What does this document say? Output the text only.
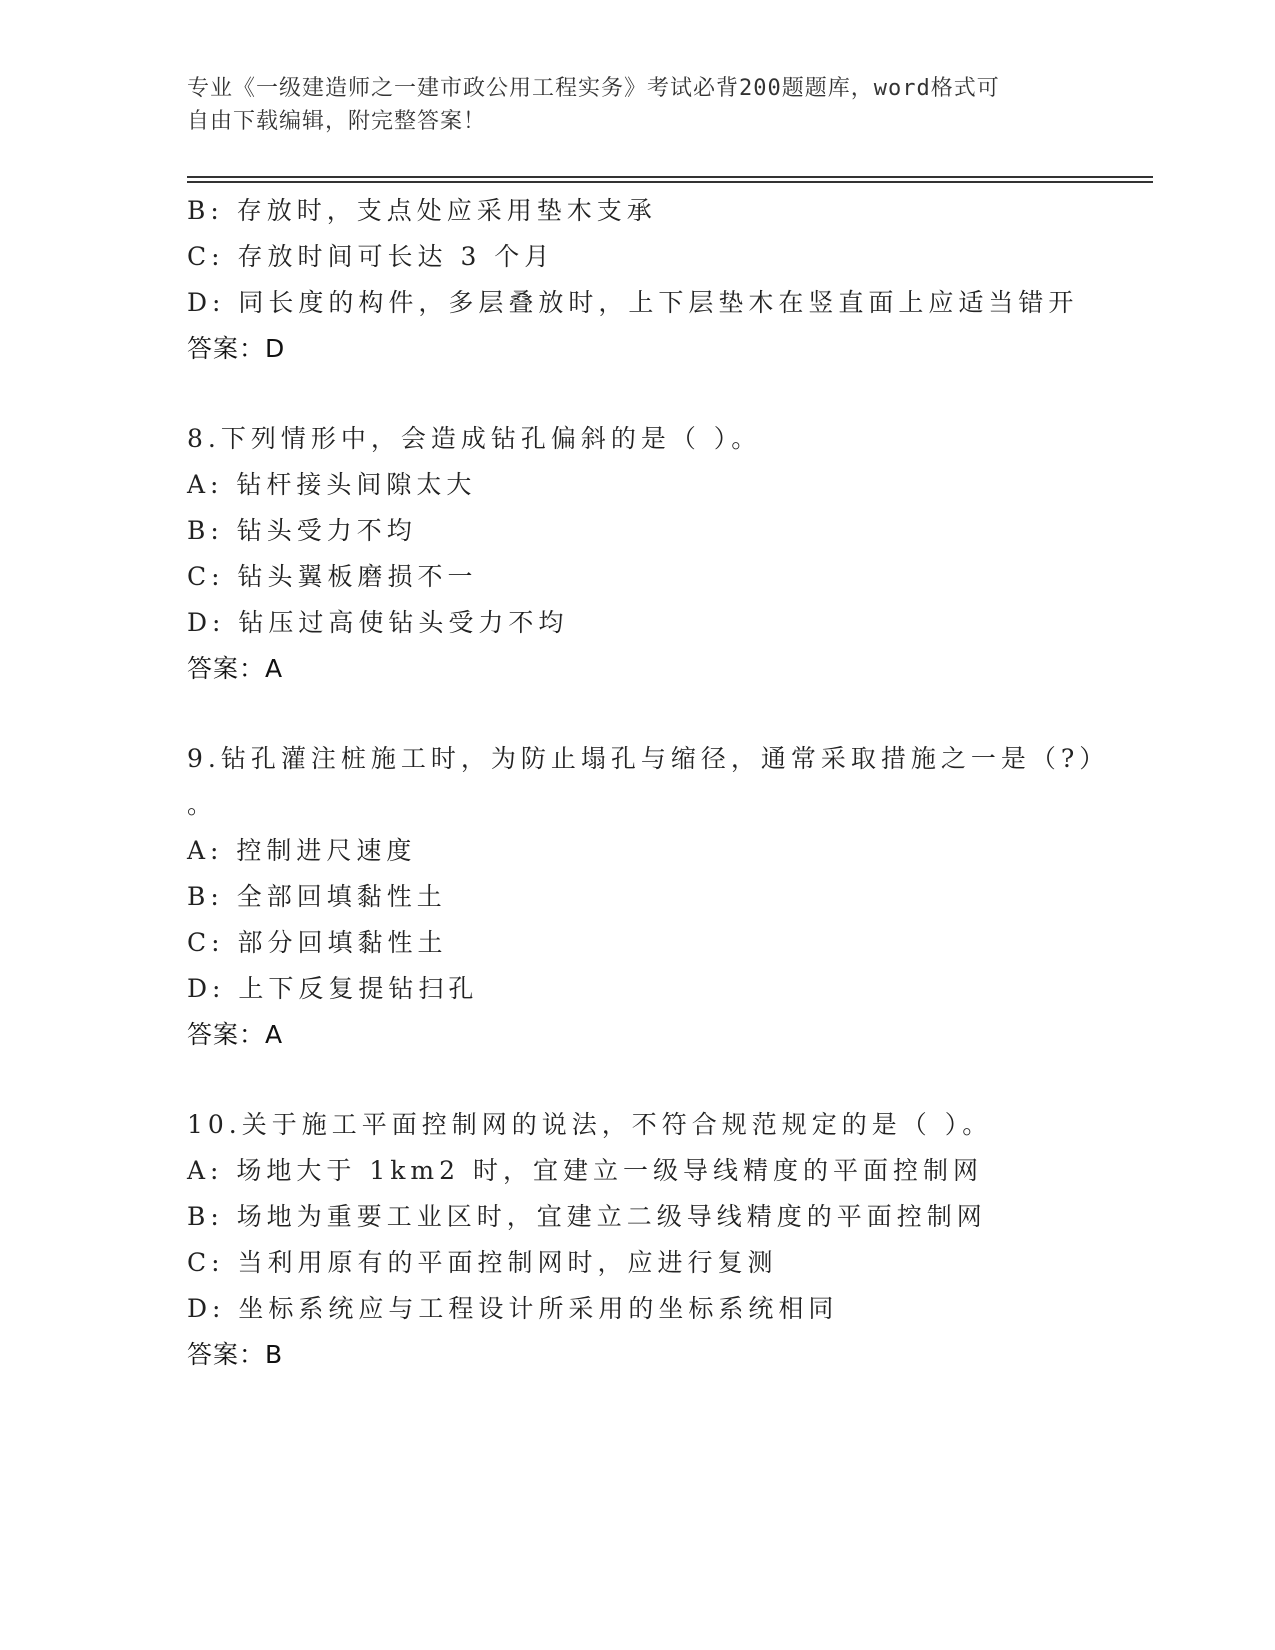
专业《一级建造师之一建市政公用工程实务》考试必背200题题库，word格式可
自由下载编辑，附完整答案！
B: 存放时，支点处应采用垫木支承
C: 存放时间可长达 3 个月
D: 同长度的构件，多层叠放时，上下层垫木在竖直面上应适当错开
答案：D
8.下列情形中，会造成钻孔偏斜的是（ ）。
A: 钻杆接头间隙太大
B: 钻头受力不均
C: 钻头翼板磨损不一
D: 钻压过高使钻头受力不均
答案：A
9.钻孔灌注桩施工时，为防止塌孔与缩径，通常采取措施之一是（?）
。
A: 控制进尺速度
B: 全部回填黏性土
C: 部分回填黏性土
D: 上下反复提钻扫孔
答案：A
10.关于施工平面控制网的说法，不符合规范规定的是（ ）。
A: 场地大于 1km2 时，宜建立一级导线精度的平面控制网
B: 场地为重要工业区时，宜建立二级导线精度的平面控制网
C: 当利用原有的平面控制网时，应进行复测
D: 坐标系统应与工程设计所采用的坐标系统相同
答案：B
